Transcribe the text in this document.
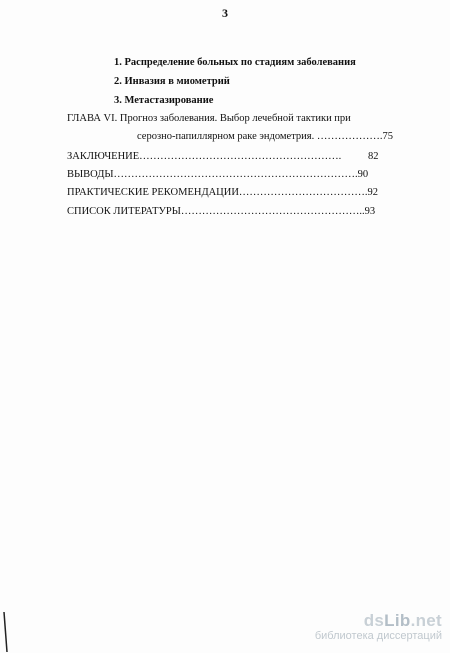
3
1. Распределение больных по стадиям заболевания
2. Инвазия в миометрий
3. Метастазирование
ГЛАВА VI. Прогноз заболевания. Выбор лечебной тактики при
серозно-папиллярном раке эндометрия. ……………….75
ЗАКЛЮЧЕНИЕ………………………………………………….	82
ВЫВОДЫ…………………………………………………………….90
ПРАКТИЧЕСКИЕ РЕКОМЕНДАЦИИ……………………………….92
СПИСОК ЛИТЕРАТУРЫ……………………………………………..93
dsLib.net
библиотека диссертаций
